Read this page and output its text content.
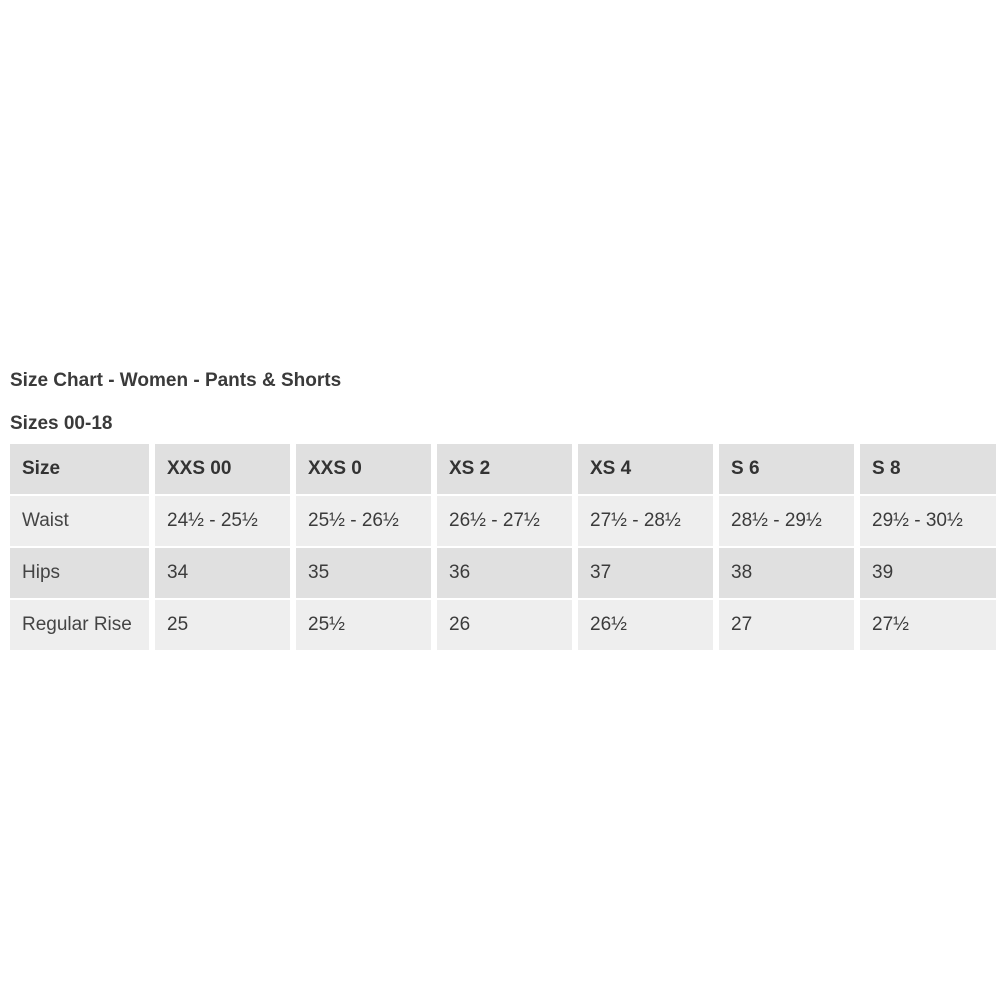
Size Chart - Women - Pants & Shorts
Sizes 00-18
Size	XXS 00	XXS 0	XS 2	XS 4	S 6	S 8
Waist	24½ - 25½	25½ - 26½	26½ - 27½	27½ - 28½	28½ - 29½	29½ - 30½
Hips	34	35	36	37	38	39
Regular Rise	25	25½	26	26½	27	27½
